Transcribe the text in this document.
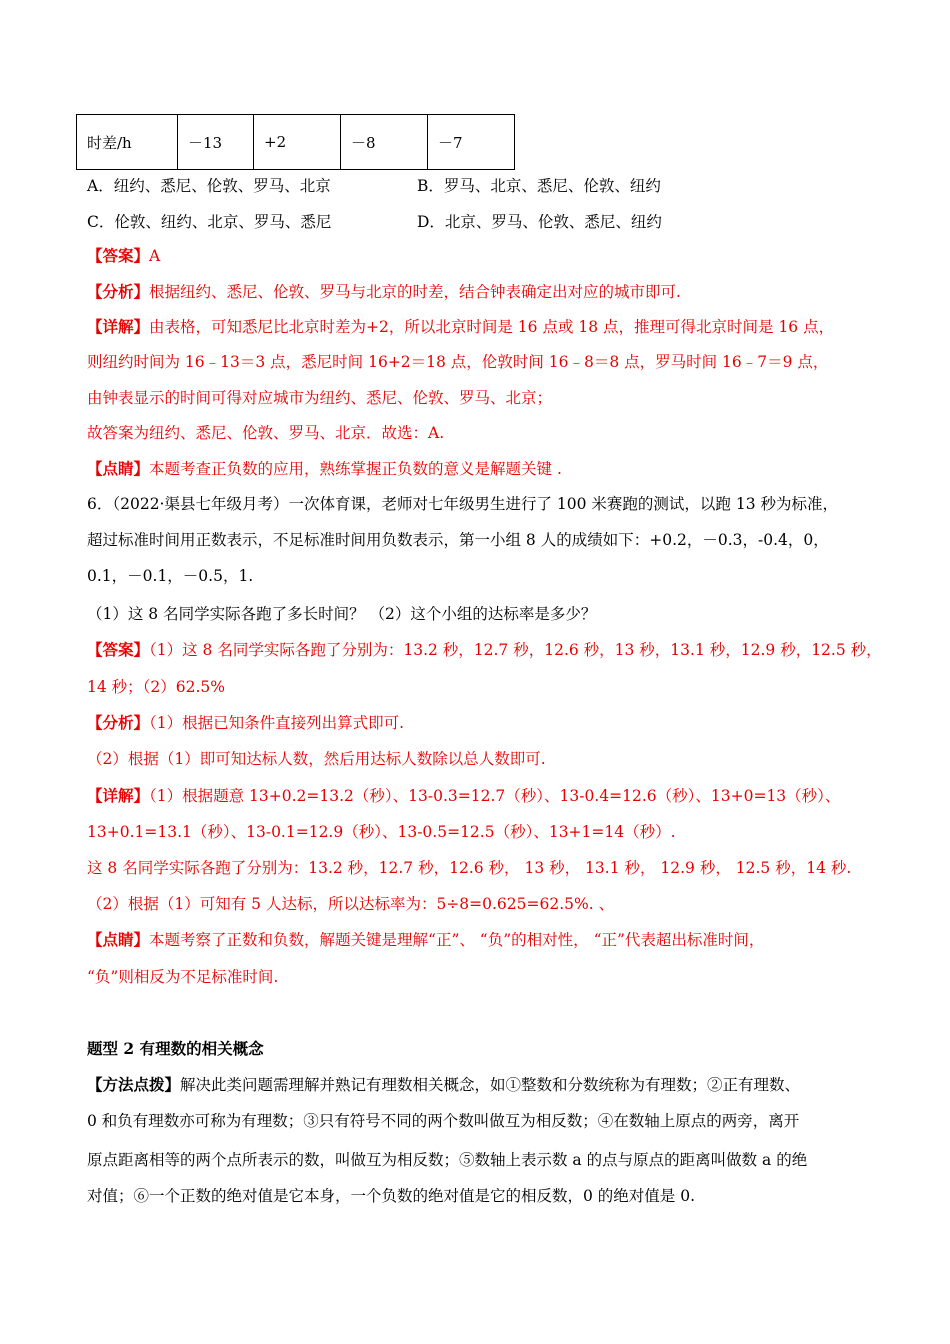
时差/h	－13	+2	－8	－7
A．纽约、悉尼、伦敦、罗马、北京	B．罗马、北京、悉尼、伦敦、纽约
C．伦敦、纽约、北京、罗马、悉尼	D．北京、罗马、伦敦、悉尼、纽约
【答案】A
【分析】根据纽约、悉尼、伦敦、罗马与北京的时差，结合钟表确定出对应的城市即可.
【详解】由表格，可知悉尼比北京时差为+2，所以北京时间是 16 点或 18 点，推理可得北京时间是 16 点，
则纽约时间为 16﹣13＝3 点，悉尼时间 16+2＝18 点，伦敦时间 16﹣8＝8 点，罗马时间 16﹣7＝9 点，
由钟表显示的时间可得对应城市为纽约、悉尼、伦敦、罗马、北京；
故答案为纽约、悉尼、伦敦、罗马、北京．故选：A.
【点睛】本题考查正负数的应用，熟练掌握正负数的意义是解题关键 .
6．（2022·渠县七年级月考）一次体育课，老师对七年级男生进行了 100 米赛跑的测试，以跑 13 秒为标准，
超过标准时间用正数表示，不足标准时间用负数表示，第一小组 8 人的成绩如下：+0.2，－0.3，-0.4，0，
0.1，－0.1，－0.5，1.
（1）这 8 名同学实际各跑了多长时间？ （2）这个小组的达标率是多少？
【答案】（1）这 8 名同学实际各跑了分别为：13.2 秒，12.7 秒，12.6 秒，13 秒，13.1 秒，12.9 秒，12.5 秒，
14 秒；（2）62.5%
【分析】（1）根据已知条件直接列出算式即可.
（2）根据（1）即可知达标人数，然后用达标人数除以总人数即可.
【详解】（1）根据题意 13+0.2=13.2（秒）、13-0.3=12.7（秒）、13-0.4=12.6（秒）、13+0=13（秒）、
13+0.1=13.1（秒）、13-0.1=12.9（秒）、13-0.5=12.5（秒）、13+1=14（秒）.
这 8 名同学实际各跑了分别为：13.2 秒，12.7 秒，12.6 秒， 13 秒， 13.1 秒， 12.9 秒， 12.5 秒，14 秒.
（2）根据（1）可知有 5 人达标，所以达标率为：5÷8=0.625=62.5%. 、
【点睛】本题考察了正数和负数，解题关键是理解“正”、 “负”的相对性， “正”代表超出标准时间，
“负”则相反为不足标准时间.
题型 2 有理数的相关概念
【方法点拨】解决此类问题需理解并熟记有理数相关概念，如①整数和分数统称为有理数；②正有理数、
0 和负有理数亦可称为有理数；③只有符号不同的两个数叫做互为相反数；④在数轴上原点的两旁，离开
原点距离相等的两个点所表示的数，叫做互为相反数；⑤数轴上表示数 a 的点与原点的距离叫做数 a 的绝
对值；⑥一个正数的绝对值是它本身，一个负数的绝对值是它的相反数，0 的绝对值是 0.
